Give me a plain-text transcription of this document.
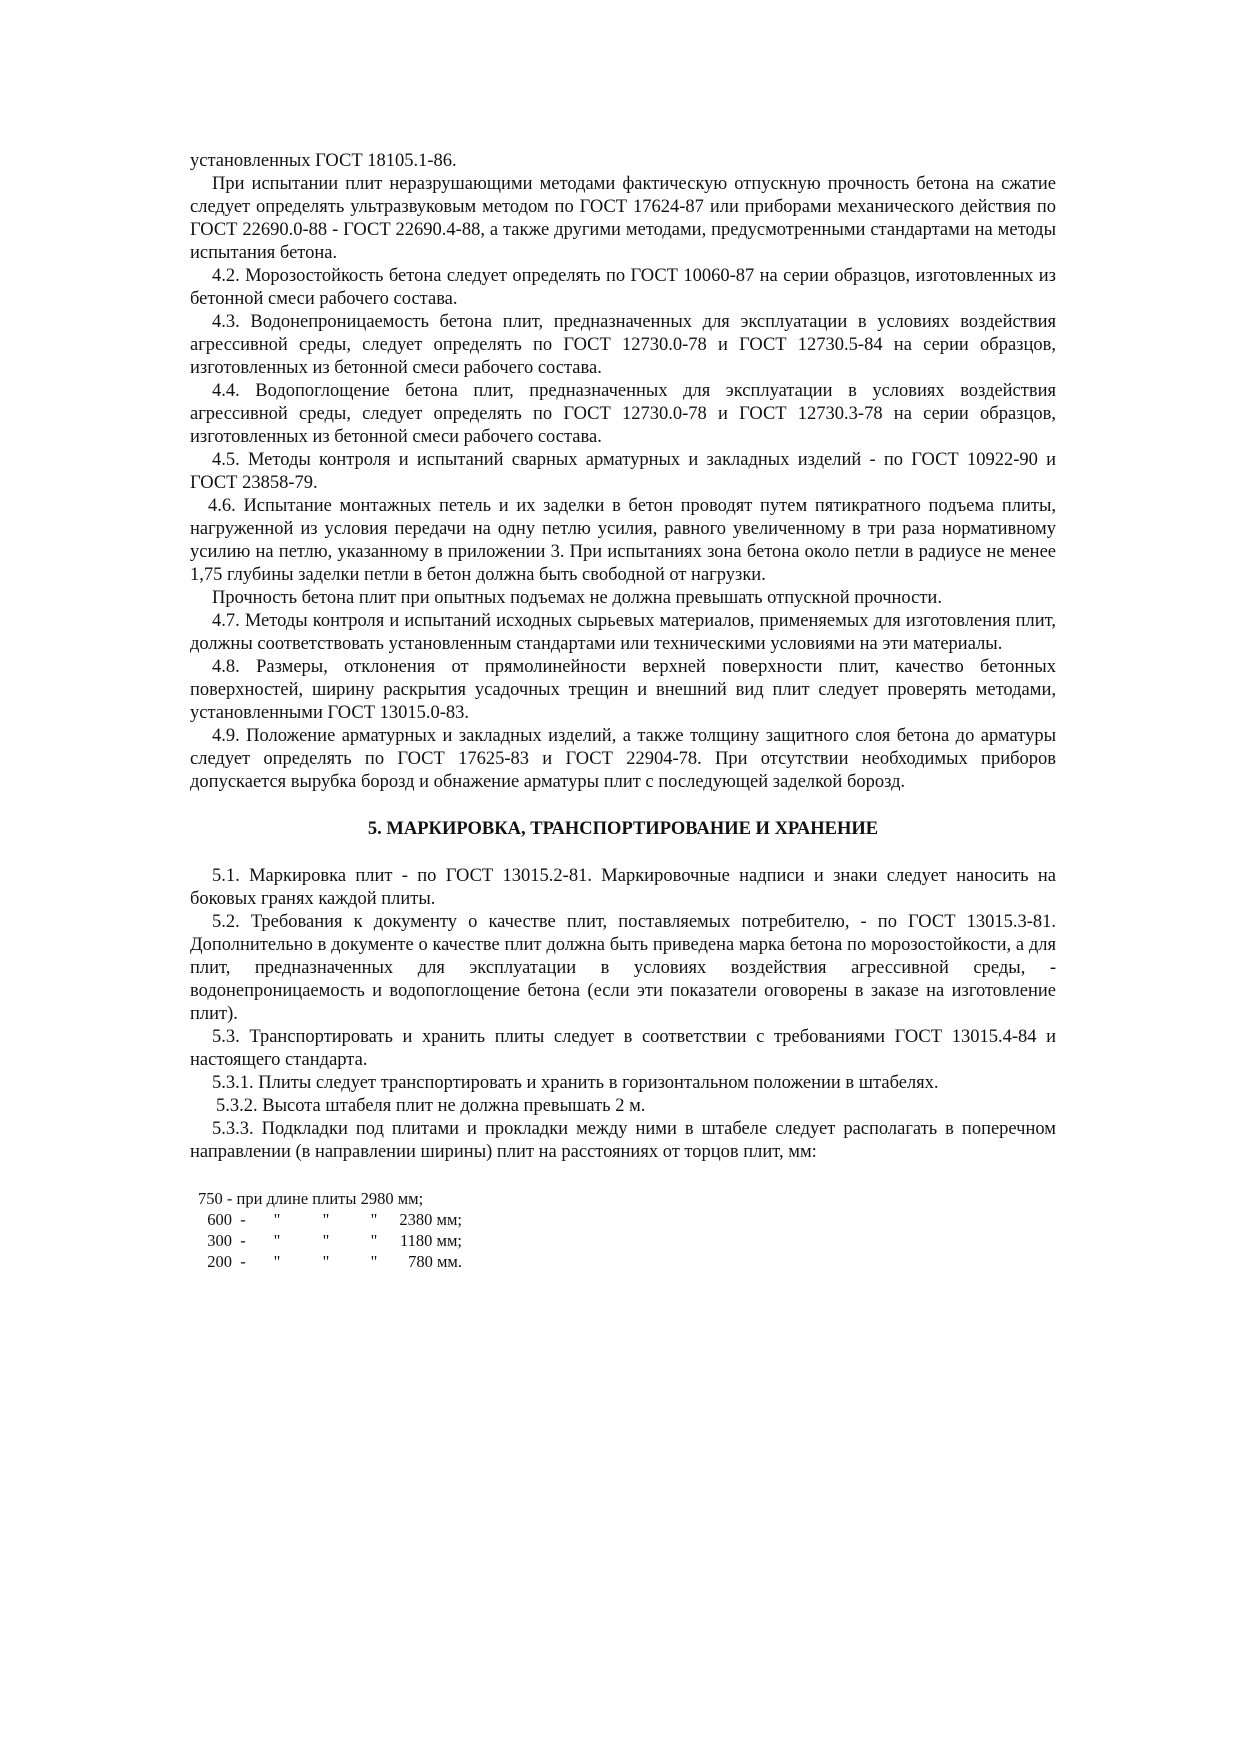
установленных ГОСТ 18105.1-86.

При испытании плит неразрушающими методами фактическую отпускную прочность бетона на сжатие следует определять ультразвуковым методом по ГОСТ 17624-87 или приборами механического действия по ГОСТ 22690.0-88 - ГОСТ 22690.4-88, а также другими методами, предусмотренными стандартами на методы испытания бетона.

4.2. Морозостойкость бетона следует определять по ГОСТ 10060-87 на серии образцов, изготовленных из бетонной смеси рабочего состава.

4.3. Водонепроницаемость бетона плит, предназначенных для эксплуатации в условиях воздействия агрессивной среды, следует определять по ГОСТ 12730.0-78 и ГОСТ 12730.5-84 на серии образцов, изготовленных из бетонной смеси рабочего состава.

4.4. Водопоглощение бетона плит, предназначенных для эксплуатации в условиях воздействия агрессивной среды, следует определять по ГОСТ 12730.0-78 и ГОСТ 12730.3-78 на серии образцов, изготовленных из бетонной смеси рабочего состава.

4.5. Методы контроля и испытаний сварных арматурных и закладных изделий - по ГОСТ 10922-90 и ГОСТ 23858-79.

4.6. Испытание монтажных петель и их заделки в бетон проводят путем пятикратного подъема плиты, нагруженной из условия передачи на одну петлю усилия, равного увеличенному в три раза нормативному усилию на петлю, указанному в приложении 3. При испытаниях зона бетона около петли в радиусе не менее 1,75 глубины заделки петли в бетон должна быть свободной от нагрузки.

Прочность бетона плит при опытных подъемах не должна превышать отпускной прочности.

4.7. Методы контроля и испытаний исходных сырьевых материалов, применяемых для изготовления плит, должны соответствовать установленным стандартами или техническими условиями на эти материалы.

4.8. Размеры, отклонения от прямолинейности верхней поверхности плит, качество бетонных поверхностей, ширину раскрытия усадочных трещин и внешний вид плит следует проверять методами, установленными ГОСТ 13015.0-83.

4.9. Положение арматурных и закладных изделий, а также толщину защитного слоя бетона до арматуры следует определять по ГОСТ 17625-83 и ГОСТ 22904-78. При отсутствии необходимых приборов допускается вырубка борозд и обнажение арматуры плит с последующей заделкой борозд.

5. МАРКИРОВКА, ТРАНСПОРТИРОВАНИЕ И ХРАНЕНИЕ

5.1. Маркировка плит - по ГОСТ 13015.2-81. Маркировочные надписи и знаки следует наносить на боковых гранях каждой плиты.

5.2. Требования к документу о качестве плит, поставляемых потребителю, - по ГОСТ 13015.3-81. Дополнительно в документе о качестве плит должна быть приведена марка бетона по морозостойкости, а для плит, предназначенных для эксплуатации в условиях воздействия агрессивной среды, - водонепроницаемость и водопоглощение бетона (если эти показатели оговорены в заказе на изготовление плит).

5.3. Транспортировать и хранить плиты следует в соответствии с требованиями ГОСТ 13015.4-84 и настоящего стандарта.

5.3.1. Плиты следует транспортировать и хранить в горизонтальном положении в штабелях.

5.3.2. Высота штабеля плит не должна превышать 2 м.

5.3.3. Подкладки под плитами и прокладки между ними в штабеле следует располагать в поперечном направлении (в направлении ширины) плит на расстояниях от торцов плит, мм:

750 - при длине плиты 2980 мм;
600 -	"	"	"	2380 мм;
300 -	"	"	"	1180 мм;
200 -	"	"	"	780 мм.
